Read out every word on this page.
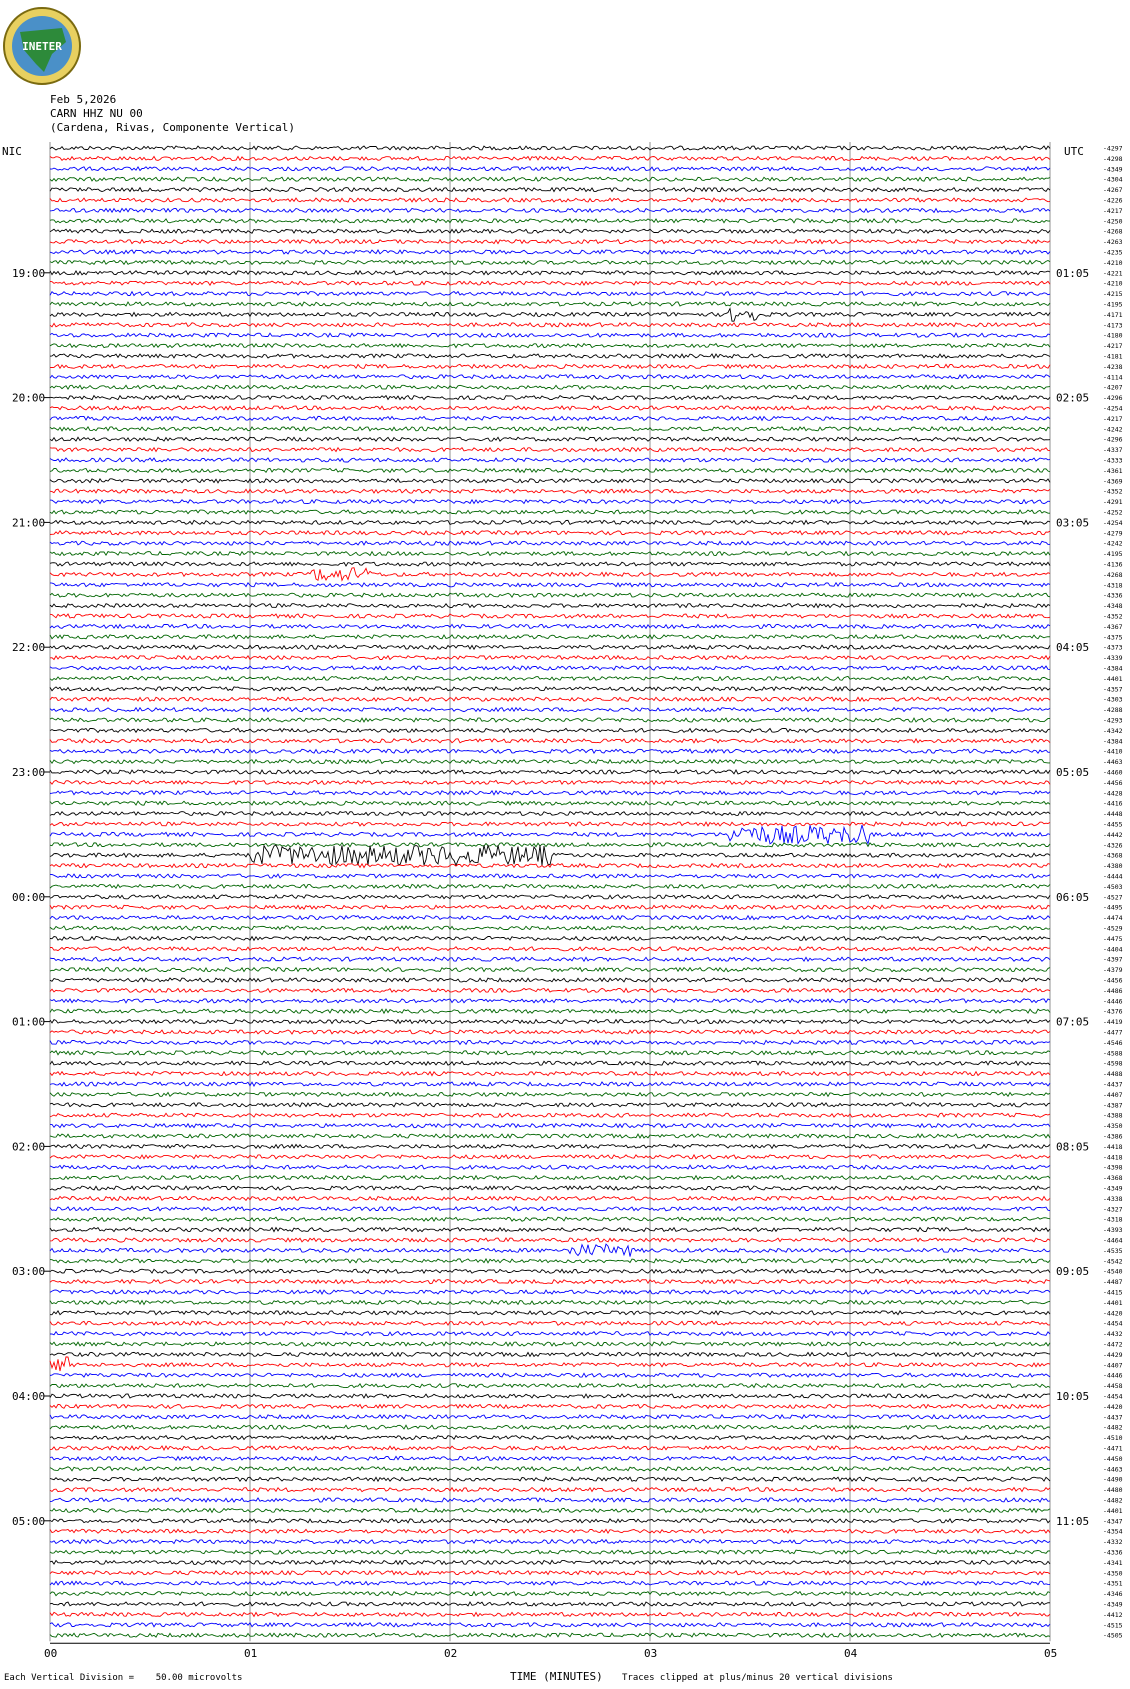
INETER
Feb 5,2026
CARN HHZ NU 00
(Cardena, Rivas, Componente Vertical)
19:00
20:00
21:00
22:00
23:00
00:00
01:00
02:00
03:00
04:00
05:00
01:05
02:05
03:05
04:05
05:05
06:05
07:05
08:05
09:05
10:05
11:05
-4297
-4298
-4349
-4304
-4267
-4226
-4217
-4250
-4268
-4263
-4235
-4210
-4221
-4210
-4215
-4195
-4171
-4173
-4180
-4217
-4181
-4238
-4114
-4207
-4296
-4254
-4217
-4242
-4296
-4337
-4333
-4361
-4369
-4352
-4291
-4252
-4254
-4279
-4242
-4195
-4136
-4268
-4318
-4336
-4348
-4352
-4367
-4375
-4373
-4339
-4384
-4401
-4357
-4303
-4288
-4293
-4342
-4384
-4410
-4463
-4460
-4456
-4428
-4416
-4448
-4455
-4442
-4326
-4368
-4380
-4444
-4503
-4527
-4495
-4474
-4529
-4475
-4404
-4397
-4379
-4456
-4486
-4446
-4376
-4419
-4477
-4546
-4588
-4598
-4488
-4437
-4407
-4387
-4388
-4350
-4386
-4418
-4418
-4398
-4368
-4349
-4338
-4327
-4318
-4393
-4464
-4535
-4542
-4540
-4487
-4415
-4401
-4420
-4454
-4432
-4472
-4429
-4407
-4446
-4458
-4454
-4420
-4437
-4482
-4510
-4471
-4450
-4463
-4490
-4480
-4482
-4401
-4347
-4354
-4332
-4336
-4341
-4350
-4351
-4346
-4349
-4412
-4515
-4505
00	01	02	03	04	05
NIC	UTC
Each Vertical Division =    50.00 microvolts	TIME (MINUTES) Traces clipped at plus/minus 20 vertical divisions
